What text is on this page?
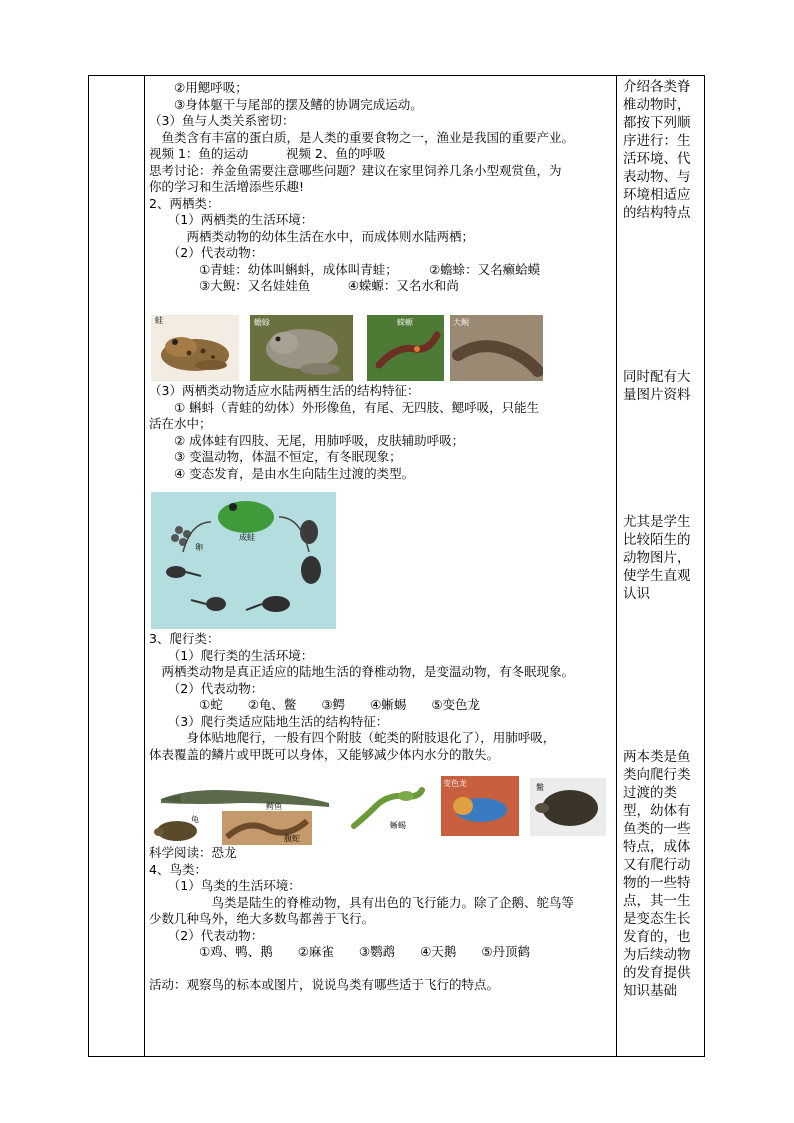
　　②用鳃呼吸；
　　③身体躯干与尾部的摆及鳍的协调完成运动。
（3）鱼与人类关系密切：
　鱼类含有丰富的蛋白质，是人类的重要食物之一，渔业是我国的重要产业。
视频 1：鱼的运动　　　视频 2、鱼的呼吸
思考讨论：养金鱼需要注意哪些问题？建议在家里饲养几条小型观赏鱼，为
你的学习和生活增添些乐趣!
2、两栖类：
　　（1）两栖类的生活环境：
　　　两栖类动物的幼体生活在水中，而成体则水陆两栖；
　　（2）代表动物：
　　　　①青蛙：幼体叫蝌蚪，成体叫青蛙；　　　②蟾蜍：又名癞蛤蟆
　　　　③大鲵：又名娃娃鱼　　　④蝾螈：又名水和尚
蛙	蟾蜍	蝾螈	大鲵
（3）两栖类动物适应水陆两栖生活的结构特征：
　　① 蝌蚪（青蛙的幼体）外形像鱼，有尾、无四肢、鳃呼吸，只能生
活在水中；
　　② 成体蛙有四肢、无尾，用肺呼吸，皮肤辅助呼吸；
　　③ 变温动物，体温不恒定，有冬眠现象；
　　④ 变态发育，是由水生向陆生过渡的类型。
成蛙
卵
3、爬行类：
　　（1）爬行类的生活环境：
　两栖类动物是真正适应的陆地生活的脊椎动物，是变温动物，有冬眠现象。
　　（2）代表动物：
　　　　①蛇　　②龟、鳖　　③鳄　　④蜥蜴　　⑤变色龙
　　（3）爬行类适应陆地生活的结构特征：
　　　身体贴地爬行，一般有四个附肢（蛇类的附肢退化了），用肺呼吸，
体表覆盖的鳞片或甲既可以身体，又能够减少体内水分的散失。
鳄鱼
龟
腹蛇
蜥蜴
变色龙	鳖
科学阅读：恐龙
4、鸟类：
　　（1）鸟类的生活环境：
　　　　　鸟类是陆生的脊椎动物，具有出色的飞行能力。除了企鹅、鸵鸟等
少数几种鸟外，绝大多数鸟都善于飞行。
　　（2）代表动物：
　　　　①鸡、鸭、鹅　　②麻雀　　③鹦鹉　　④天鹅　　⑤丹顶鹤
活动：观察鸟的标本或图片，说说鸟类有哪些适于飞行的特点。

介绍各类脊椎动物时，都按下列顺序进行：生活环境、代表动物、与环境相适应的结构特点

同时配有大量图片资料

尤其是学生比较陌生的动物图片，使学生直观认识

两本类是鱼类向爬行类过渡的类型，幼体有鱼类的一些特点，成体又有爬行动物的一些特点，其一生是变态生长发育的，也为后续动物的发育提供知识基础
